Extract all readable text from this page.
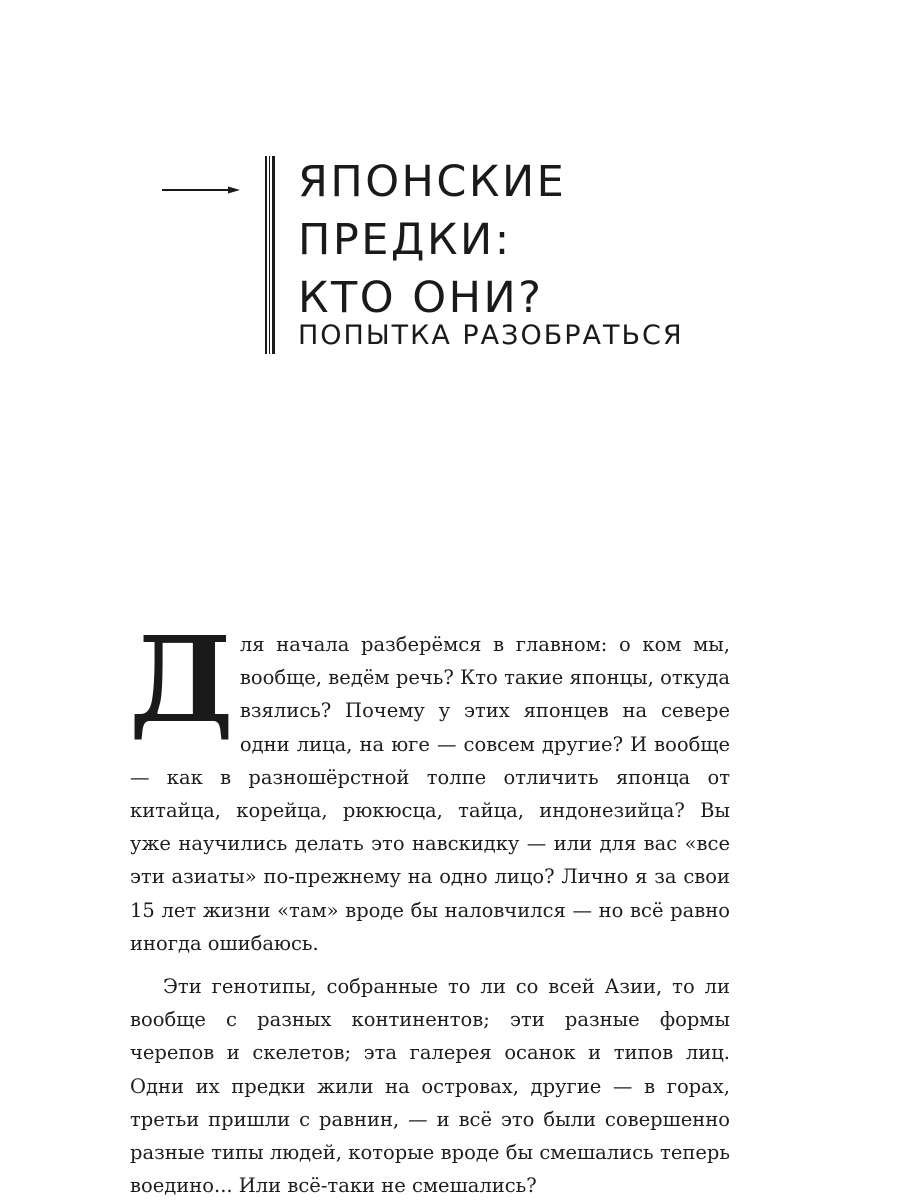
ЯПОНСКИЕ
ПРЕДКИ:
КТО ОНИ?
ПОПЫТКА РАЗОБРАТЬСЯ

Для начала разберёмся в главном: о ком мы, вообще, ведём речь? Кто такие японцы, откуда взялись? Почему у этих японцев на севере одни лица, на юге — совсем другие? И вообще — как в разношёрстной толпе отличить японца от китайца, корейца, рюкюсца, тайца, индонезийца? Вы уже научились делать это навскидку — или для вас «все эти азиаты» по-прежнему на одно лицо? Лично я за свои 15 лет жизни «там» вроде бы наловчился — но всё равно иногда ошибаюсь.

Эти генотипы, собранные то ли со всей Азии, то ли вообще с разных континентов; эти разные формы черепов и скелетов; эта галерея осанок и типов лиц. Одни их предки жили на островах, другие — в горах, третьи пришли с равнин, — и всё это были совершенно разные типы людей, которые вроде бы смешались теперь воедино... Или всё-таки не смешались?
